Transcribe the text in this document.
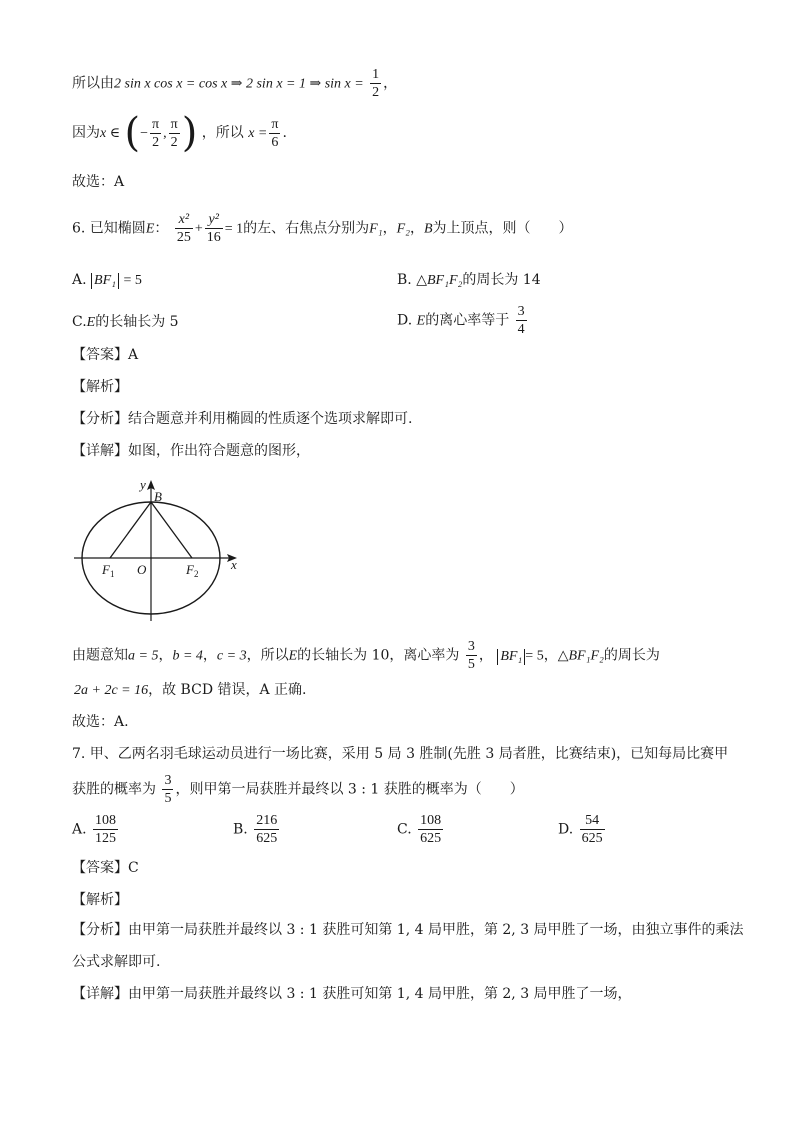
所以由2 sin x cos x = cos x ⇒ 2 sin x = 1 ⇒ $\sin x = \frac{1}{2}$ ，
因为x ∈ (− $\frac{\pi}{2}$ , $\frac{\pi}{2}$ ) ，所以 $x = \frac{\pi}{6}$ .
故选：A
6. 已知椭圆E： $\frac{\text{x²}}{25} + \frac{\text{y²}}{16} = 1$的左、右焦点分别为F₁，F₂，B为上顶点，则（　　）
A. BF₁ = 5	B. △BF₁F₂的周长为 14
C.E的长轴长为 5	D. E的离心率等于 $\frac{3}{4}$
【答案】A
【解析】
【分析】结合题意并利用椭圆的性质逐个选项求解即可.
【详解】如图，作出符合题意的图形，
y
B
$F_1$ O	$F_2$
x
由题意知a = 5，b = 4，c = 3，所以E的长轴长为 10，离心率为 $\frac{3}{5}$ ， BF₁ = 5，△BF₁F₂的周长为
2a + 2c = 16，故 BCD 错误，A 正确.
故选：A.
7. 甲、乙两名羽毛球运动员进行一场比赛，采用 5 局 3 胜制(先胜 3 局者胜，比赛结束)，已知每局比赛甲
获胜的概率为 $\frac{3}{5}$ ，则甲第一局获胜并最终以 3 : 1 获胜的概率为（　　）
A. $\frac{108}{125}$	B. $\frac{216}{625}$	C. $\frac{108}{625}$	D. $\frac{54}{625}$
【答案】C
【解析】
【分析】由甲第一局获胜并最终以 3 : 1 获胜可知第 1, 4 局甲胜，第 2, 3 局甲胜了一场，由独立事件的乘法
公式求解即可.
【详解】由甲第一局获胜并最终以 3 : 1 获胜可知第 1, 4 局甲胜，第 2, 3 局甲胜了一场，
